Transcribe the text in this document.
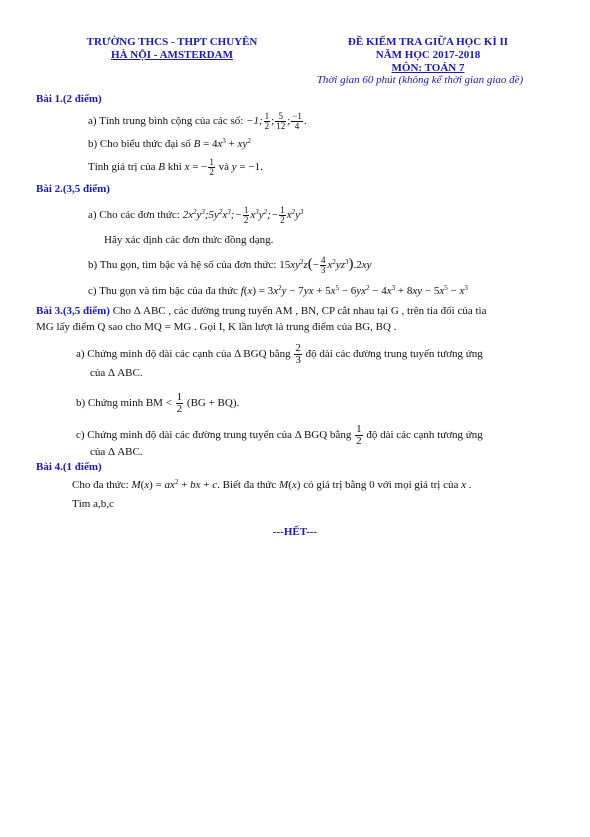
TRƯỜNG THCS - THPT CHUYÊN
HÀ NỘI - AMSTERDAM
ĐỀ KIỂM TRA GIỮA HỌC KÌ II
NĂM HỌC 2017-2018
MÔN: TOÁN 7
Thời gian 60 phút (không kể thời gian giao đề)
Bài 1.(2 điểm)
a) Tính trung bình cộng của các số: −1; $\frac{1}{2}$ ; $\frac{5}{12}$ ; $\frac{-1}{4}$ .
b) Cho biểu thức đại số $B = 4x^3 + xy^2$
Tính giá trị của B khi x = − $\frac{1}{2}$ và y = −1.
Bài 2.(3,5 điểm)
a) Cho các đơn thức: $2x^2y^3;5y^2x^3;- \frac{1}{2}$ $x^3y^2;- \frac{1}{2} x^2y^3$
Hãy xác định các đơn thức đồng dạng.
b) Thu gọn, tìm bậc và hệ số của đơn thức: $15xy^2z(- \frac{4}{3} x^2yz^3).2xy$
c) Thu gọn và tìm bậc của đa thức $f(x) = 3x^2y - 7yx + 5x^5 - 6yx^2 - 4x^3 + 8xy - 5x^5 - x^3$
Bài 3.(3,5 điểm) Cho Δ ABC , các đường trung tuyến AM , BN, CP cắt nhau tại G , trên tia đối của tia
MG lấy điểm Q sao cho MQ = MG . Gọi I, K lần lượt là trung điểm của BG, BQ .
a) Chứng minh độ dài các cạnh của Δ BGQ bằng $\frac{2}{3}$ độ dài các đường trung tuyến tương ứng
của Δ ABC.
b) Chứng minh BM < $\frac{1}{2} (BG + BQ)$.
c) Chứng minh độ dài các đường trung tuyến của Δ BGQ bằng $\frac{1}{2}$ độ dài các cạnh tương ứng
của Δ ABC.
Bài 4.(1 điểm)
Cho đa thức: $M(x) = ax^2$ + bx + c. Biết đa thức M(x) có giá trị bằng 0 với mọi giá trị của x .
Tìm a,b,c
---HẾT---
